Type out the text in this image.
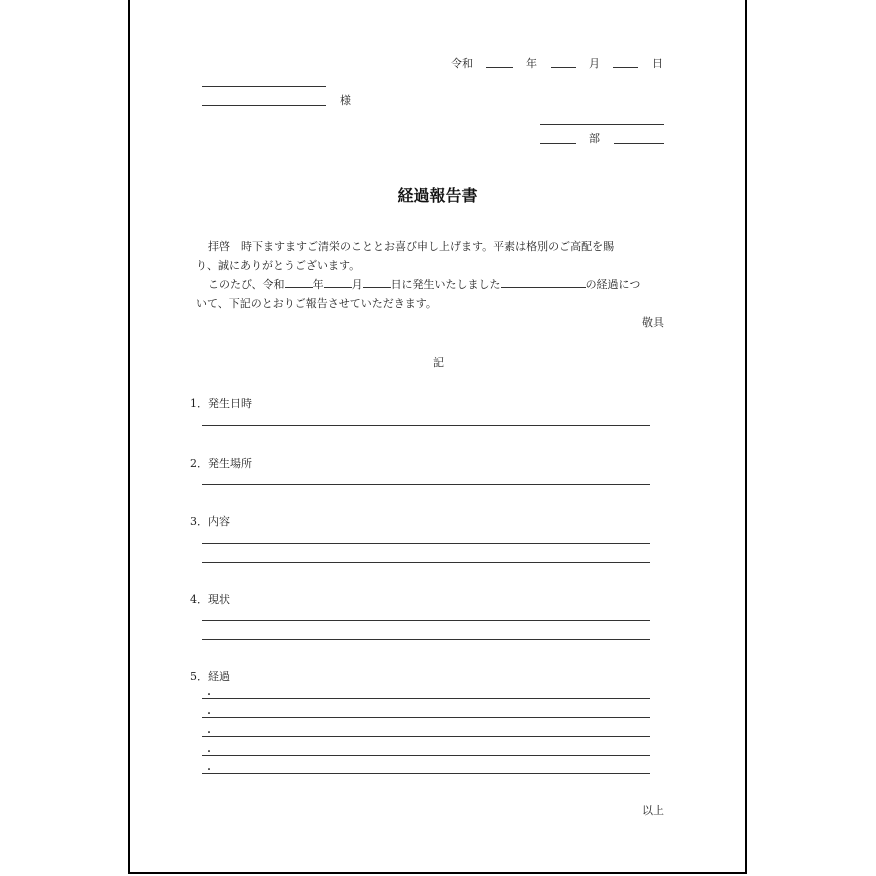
令和	年	月	日
様
部
経過報告書
拝啓　時下ますますご清栄のこととお喜び申し上げます。平素は格別のご高配を賜
り、誠にありがとうございます。
このたび、令和	年	月	日に発生いたしました	の経過につ
いて、下記のとおりご報告させていただきます。
敬具
記
1．発生日時
2．発生場所
3．内容
4．現状
5．経過
・
・
・
・
・
以上
